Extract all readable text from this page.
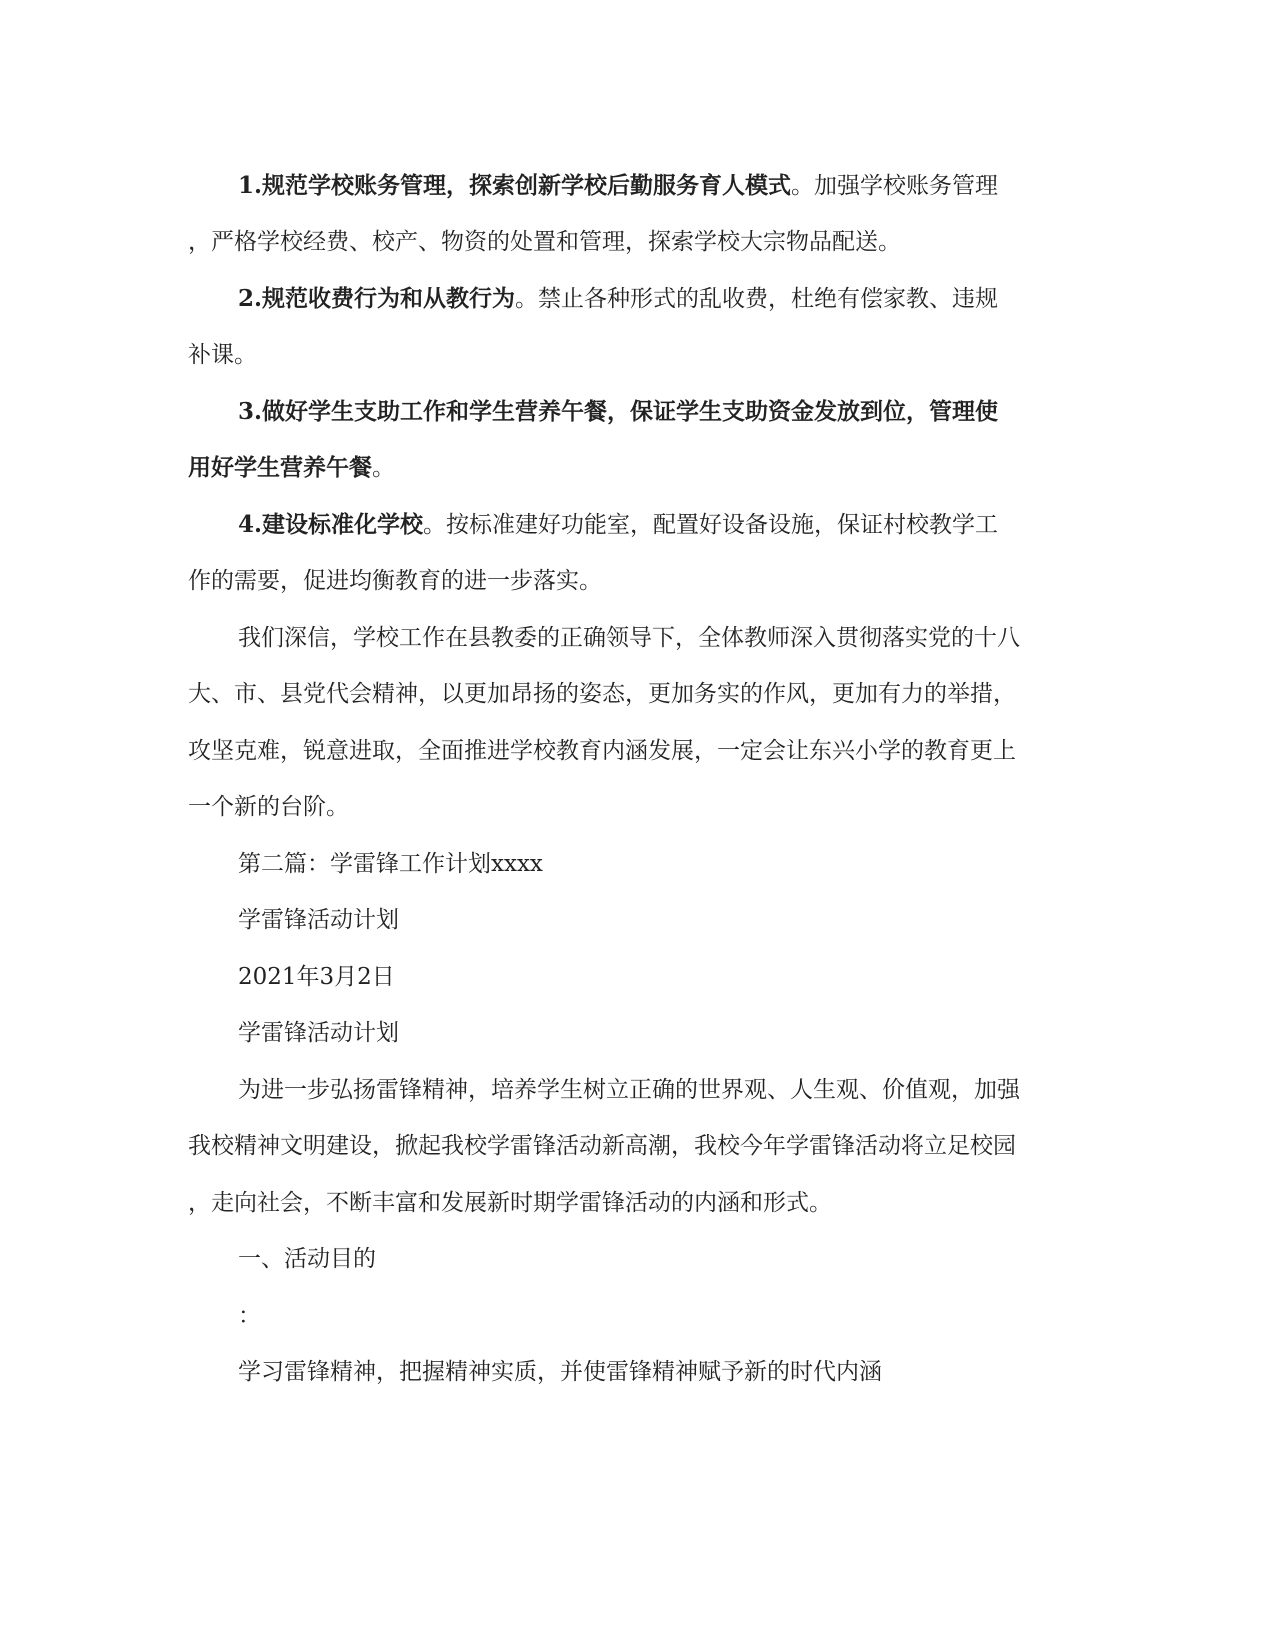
1.规范学校账务管理，探索创新学校后勤服务育人模式。加强学校账务管理
，严格学校经费、校产、物资的处置和管理，探索学校大宗物品配送。
2.规范收费行为和从教行为。禁止各种形式的乱收费，杜绝有偿家教、违规
补课。
3.做好学生支助工作和学生营养午餐，保证学生支助资金发放到位，管理使
用好学生营养午餐。
4.建设标准化学校。按标准建好功能室，配置好设备设施，保证村校教学工
作的需要，促进均衡教育的进一步落实。
我们深信，学校工作在县教委的正确领导下，全体教师深入贯彻落实党的十八
大、市、县党代会精神，以更加昂扬的姿态，更加务实的作风，更加有力的举措，
攻坚克难，锐意进取，全面推进学校教育内涵发展，一定会让东兴小学的教育更上
一个新的台阶。
第二篇：学雷锋工作计划xxxx
学雷锋活动计划
2021年3月2日
学雷锋活动计划
为进一步弘扬雷锋精神，培养学生树立正确的世界观、人生观、价值观，加强
我校精神文明建设，掀起我校学雷锋活动新高潮，我校今年学雷锋活动将立足校园
，走向社会，不断丰富和发展新时期学雷锋活动的内涵和形式。
一、活动目的
：
学习雷锋精神，把握精神实质，并使雷锋精神赋予新的时代内涵
